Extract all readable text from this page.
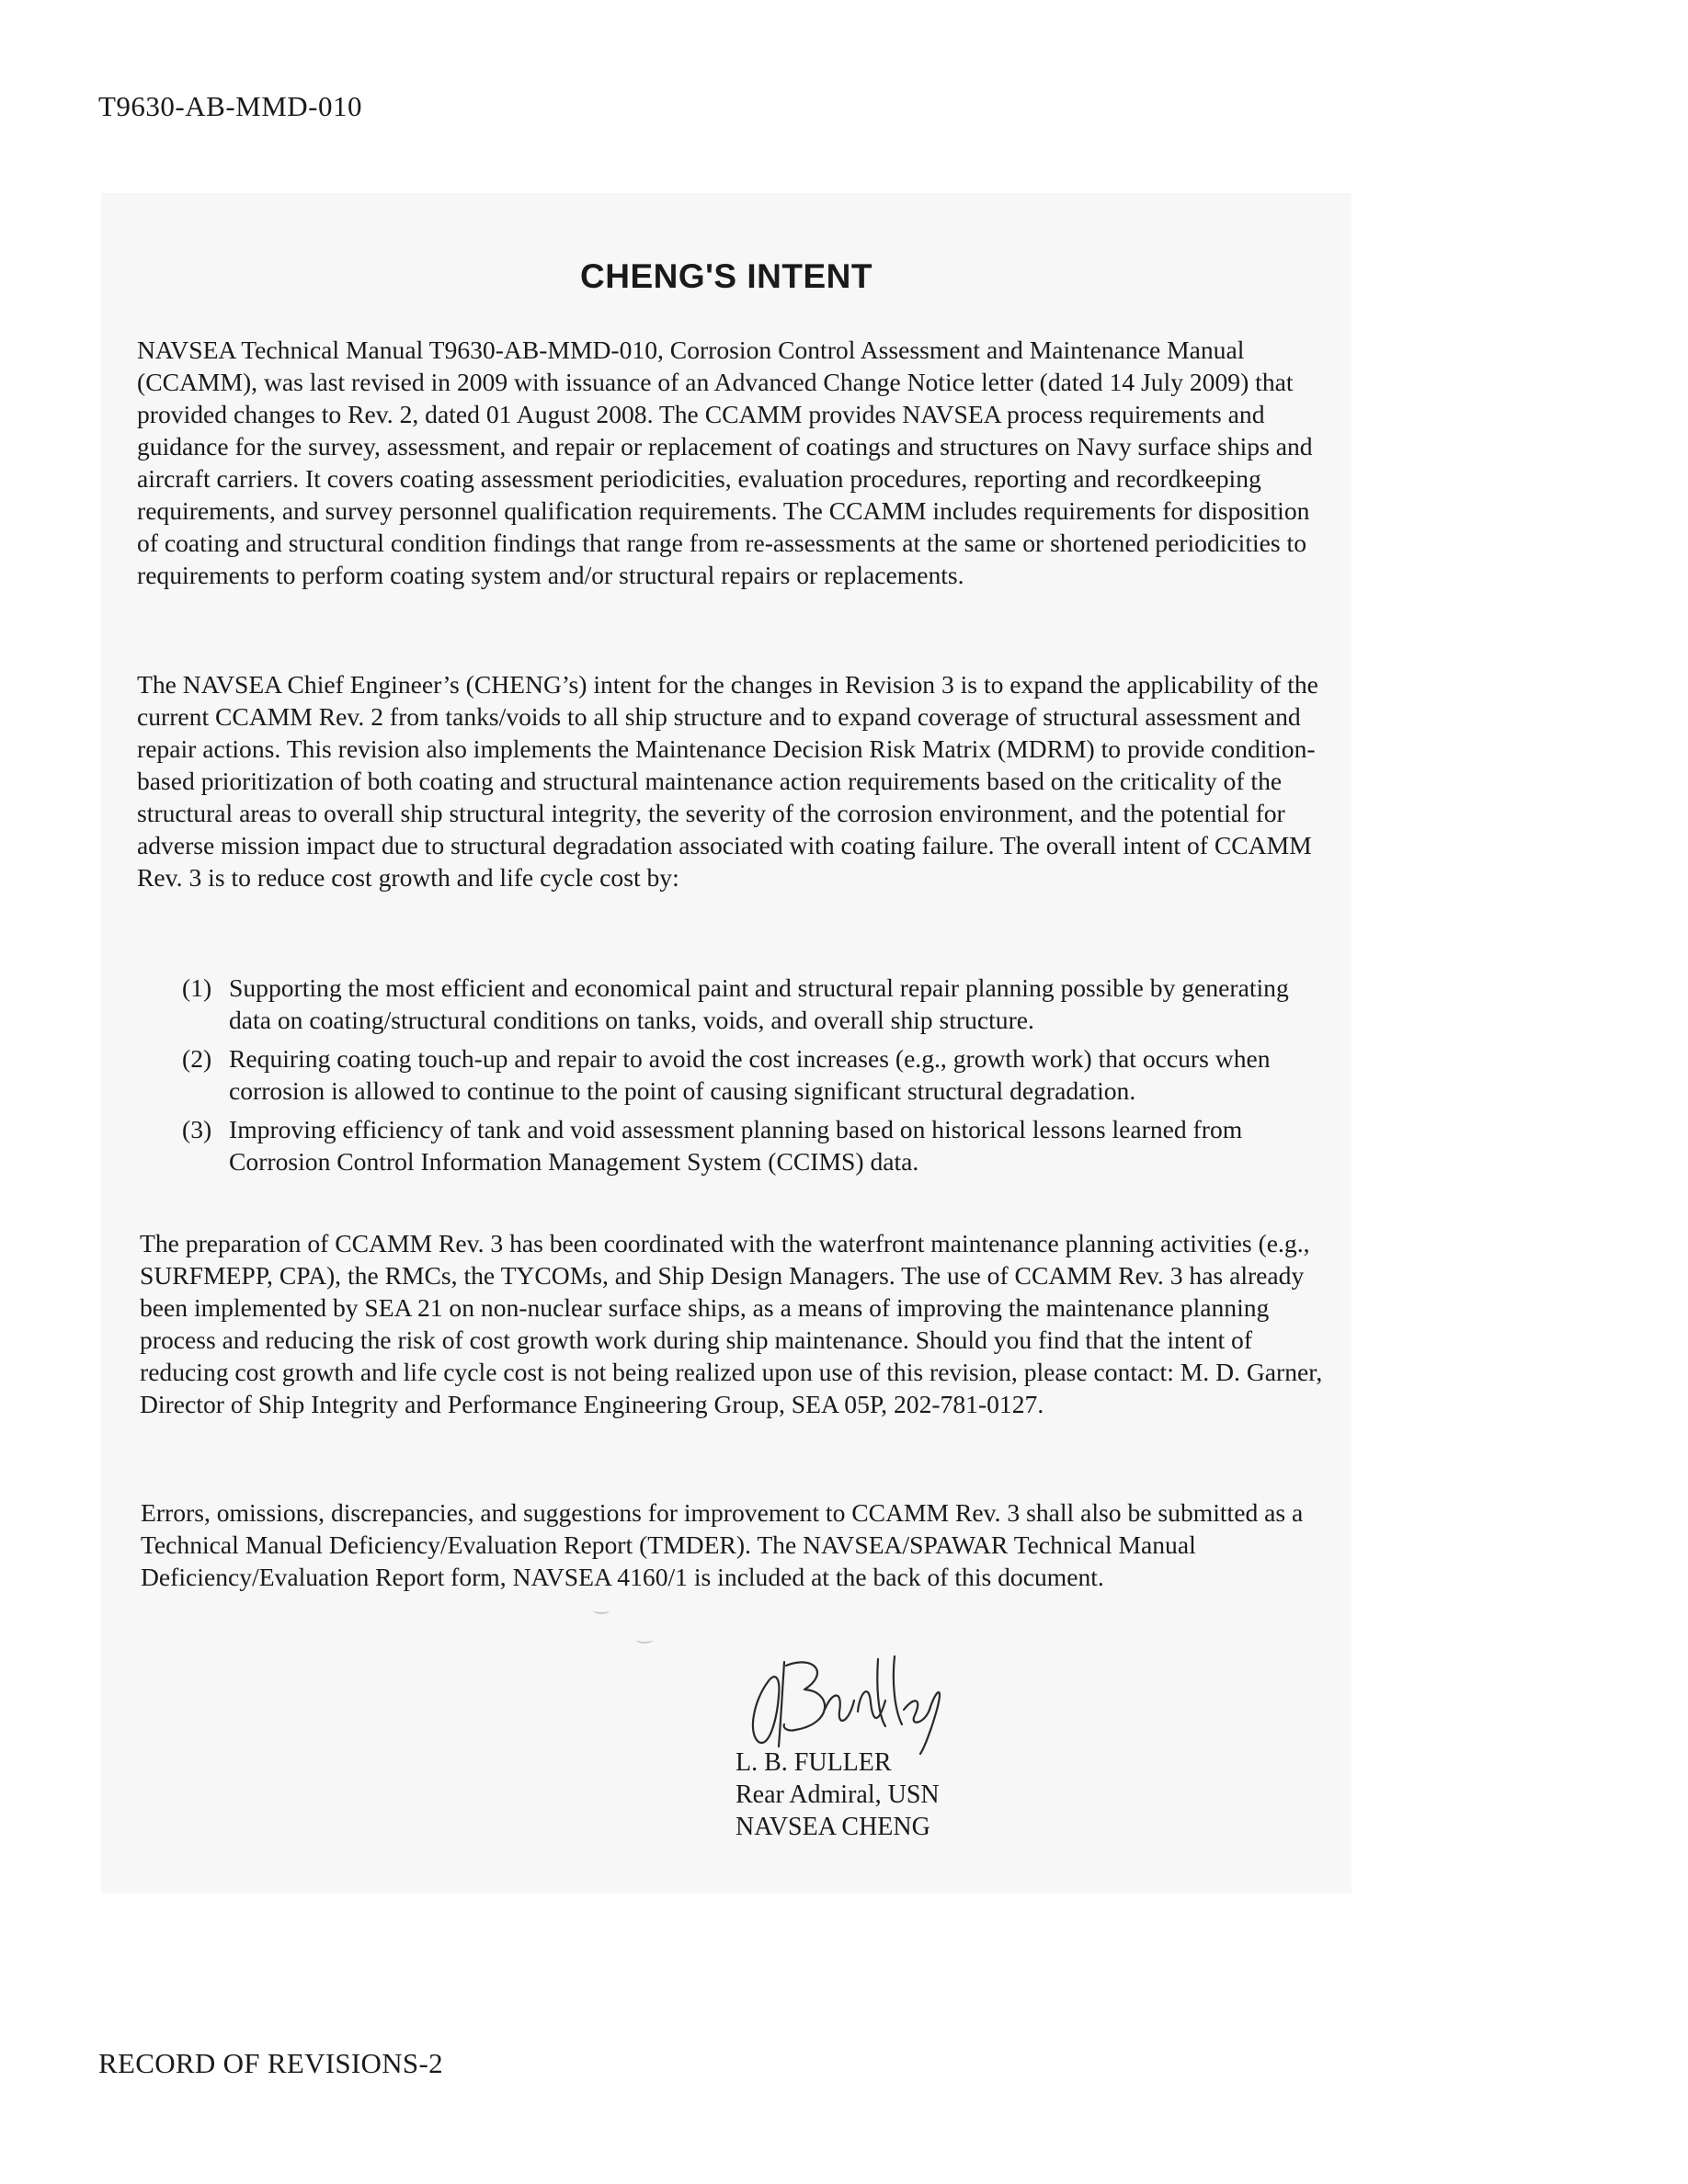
T9630-AB-MMD-010
CHENG'S INTENT

NAVSEA Technical Manual T9630-AB-MMD-010, Corrosion Control Assessment and Maintenance Manual (CCAMM), was last revised in 2009 with issuance of an Advanced Change Notice letter (dated 14 July 2009) that provided changes to Rev. 2, dated 01 August 2008. The CCAMM provides NAVSEA process requirements and guidance for the survey, assessment, and repair or replacement of coatings and structures on Navy surface ships and aircraft carriers. It covers coating assessment periodicities, evaluation procedures, reporting and recordkeeping requirements, and survey personnel qualification requirements. The CCAMM includes requirements for disposition of coating and structural condition findings that range from re-assessments at the same or shortened periodicities to requirements to perform coating system and/or structural repairs or replacements.

The NAVSEA Chief Engineer’s (CHENG’s) intent for the changes in Revision 3 is to expand the applicability of the current CCAMM Rev. 2 from tanks/voids to all ship structure and to expand coverage of structural assessment and repair actions. This revision also implements the Maintenance Decision Risk Matrix (MDRM) to provide condition-based prioritization of both coating and structural maintenance action requirements based on the criticality of the structural areas to overall ship structural integrity, the severity of the corrosion environment, and the potential for adverse mission impact due to structural degradation associated with coating failure. The overall intent of CCAMM Rev. 3 is to reduce cost growth and life cycle cost by:

(1) Supporting the most efficient and economical paint and structural repair planning possible by generating data on coating/structural conditions on tanks, voids, and overall ship structure.
(2) Requiring coating touch-up and repair to avoid the cost increases (e.g., growth work) that occurs when corrosion is allowed to continue to the point of causing significant structural degradation.
(3) Improving efficiency of tank and void assessment planning based on historical lessons learned from Corrosion Control Information Management System (CCIMS) data.

The preparation of CCAMM Rev. 3 has been coordinated with the waterfront maintenance planning activities (e.g., SURFMEPP, CPA), the RMCs, the TYCOMs, and Ship Design Managers. The use of CCAMM Rev. 3 has already been implemented by SEA 21 on non-nuclear surface ships, as a means of improving the maintenance planning process and reducing the risk of cost growth work during ship maintenance. Should you find that the intent of reducing cost growth and life cycle cost is not being realized upon use of this revision, please contact: M. D. Garner, Director of Ship Integrity and Performance Engineering Group, SEA 05P, 202-781-0127.

Errors, omissions, discrepancies, and suggestions for improvement to CCAMM Rev. 3 shall also be submitted as a Technical Manual Deficiency/Evaluation Report (TMDER). The NAVSEA/SPAWAR Technical Manual Deficiency/Evaluation Report form, NAVSEA 4160/1 is included at the back of this document.

L. B. FULLER
Rear Admiral, USN
NAVSEA CHENG
RECORD OF REVISIONS-2
